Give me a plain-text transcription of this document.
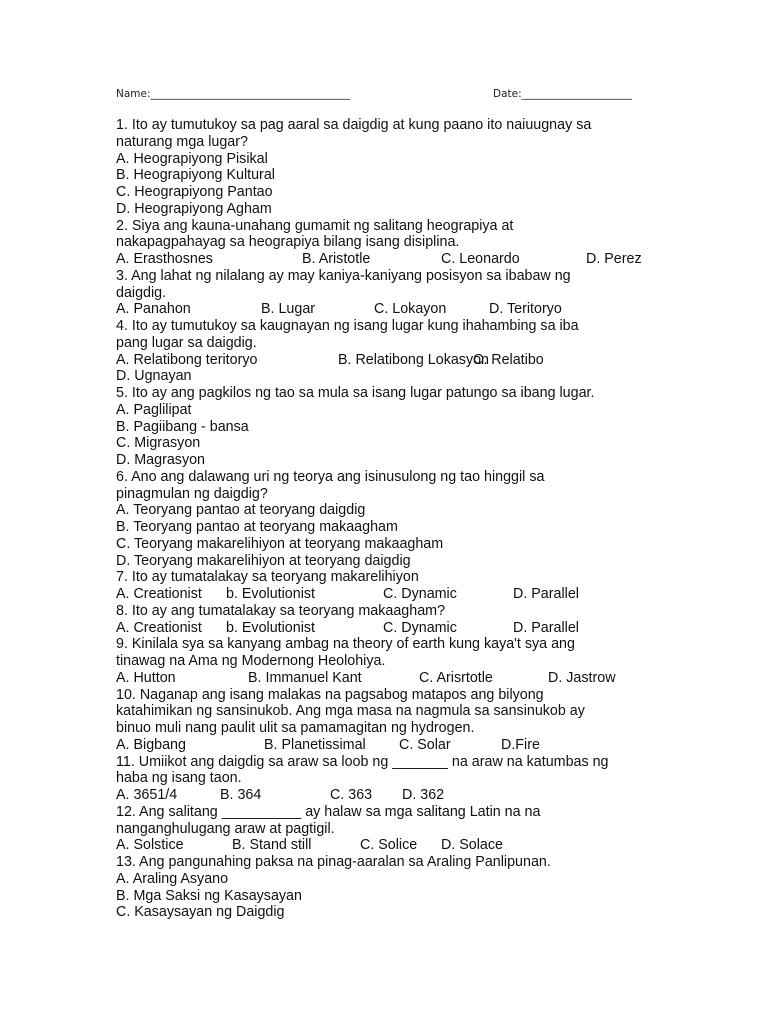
Name:______________________________________	Date:_____________________
1. Ito ay tumutukoy sa pag aaral sa daigdig at kung paano ito naiuugnay sa
naturang mga lugar?
A. Heograpiyong Pisikal
B. Heograpiyong Kultural
C. Heograpiyong Pantao
D. Heograpiyong Agham
2. Siya ang kauna-unahang gumamit ng salitang heograpiya at
nakapagpahayag sa heograpiya bilang isang disiplina.
A. Erasthosnes	B. Aristotle	C. Leonardo	D. Perez
3. Ang lahat ng nilalang ay may kaniya-kaniyang posisyon sa ibabaw ng
daigdig.
A. Panahon	B. Lugar	C. Lokayon	D. Teritoryo
4. Ito ay tumutukoy sa kaugnayan ng isang lugar kung ihahambing sa iba
pang lugar sa daigdig.
A. Relatibong teritoryo	B. Relatibong Lokasyon
C. Relatibo
D. Ugnayan
5. Ito ay ang pagkilos ng tao sa mula sa isang lugar patungo sa ibang lugar.
A. Paglilipat
B. Pagiibang - bansa
C. Migrasyon
D. Magrasyon
6. Ano ang dalawang uri ng teorya ang isinusulong ng tao hinggil sa
pinagmulan ng daigdig?
A. Teoryang pantao at teoryang daigdig
B. Teoryang pantao at teoryang makaagham
C. Teoryang makarelihiyon at teoryang makaagham
D. Teoryang makarelihiyon at teoryang daigdig
7. Ito ay tumatalakay sa teoryang makarelihiyon
A. Creationist b. Evolutionist	C. Dynamic	D. Parallel
8. Ito ay ang tumatalakay sa teoryang makaagham?
A. Creationist b. Evolutionist	C. Dynamic	D. Parallel
9. Kinilala sya sa kanyang ambag na theory of earth kung kaya't sya ang
tinawag na Ama ng Modernong Heolohiya.
A. Hutton	B. Immanuel Kant	C. Arisrtotle	D. Jastrow
10. Naganap ang isang malakas na pagsabog matapos ang bilyong
katahimikan ng sansinukob. Ang mga masa na nagmula sa sansinukob ay
binuo muli nang paulit ulit sa pamamagitan ng hydrogen.
A. Bigbang	B. Planetissimal C. Solar	D.Fire
11. Umiikot ang daigdig sa araw sa loob ng _______ na araw na katumbas ng
haba ng isang taon.
A. 3651/4	B. 364	C. 363 D. 362
12. Ang salitang __________ ay halaw sa mga salitang Latin na na
nanganghulugang araw at pagtigil.
A. Solstice	B. Stand still	C. Solice D. Solace
13. Ang pangunahing paksa na pinag-aaralan sa Araling Panlipunan.
A. Araling Asyano
B. Mga Saksi ng Kasaysayan
C. Kasaysayan ng Daigdig
